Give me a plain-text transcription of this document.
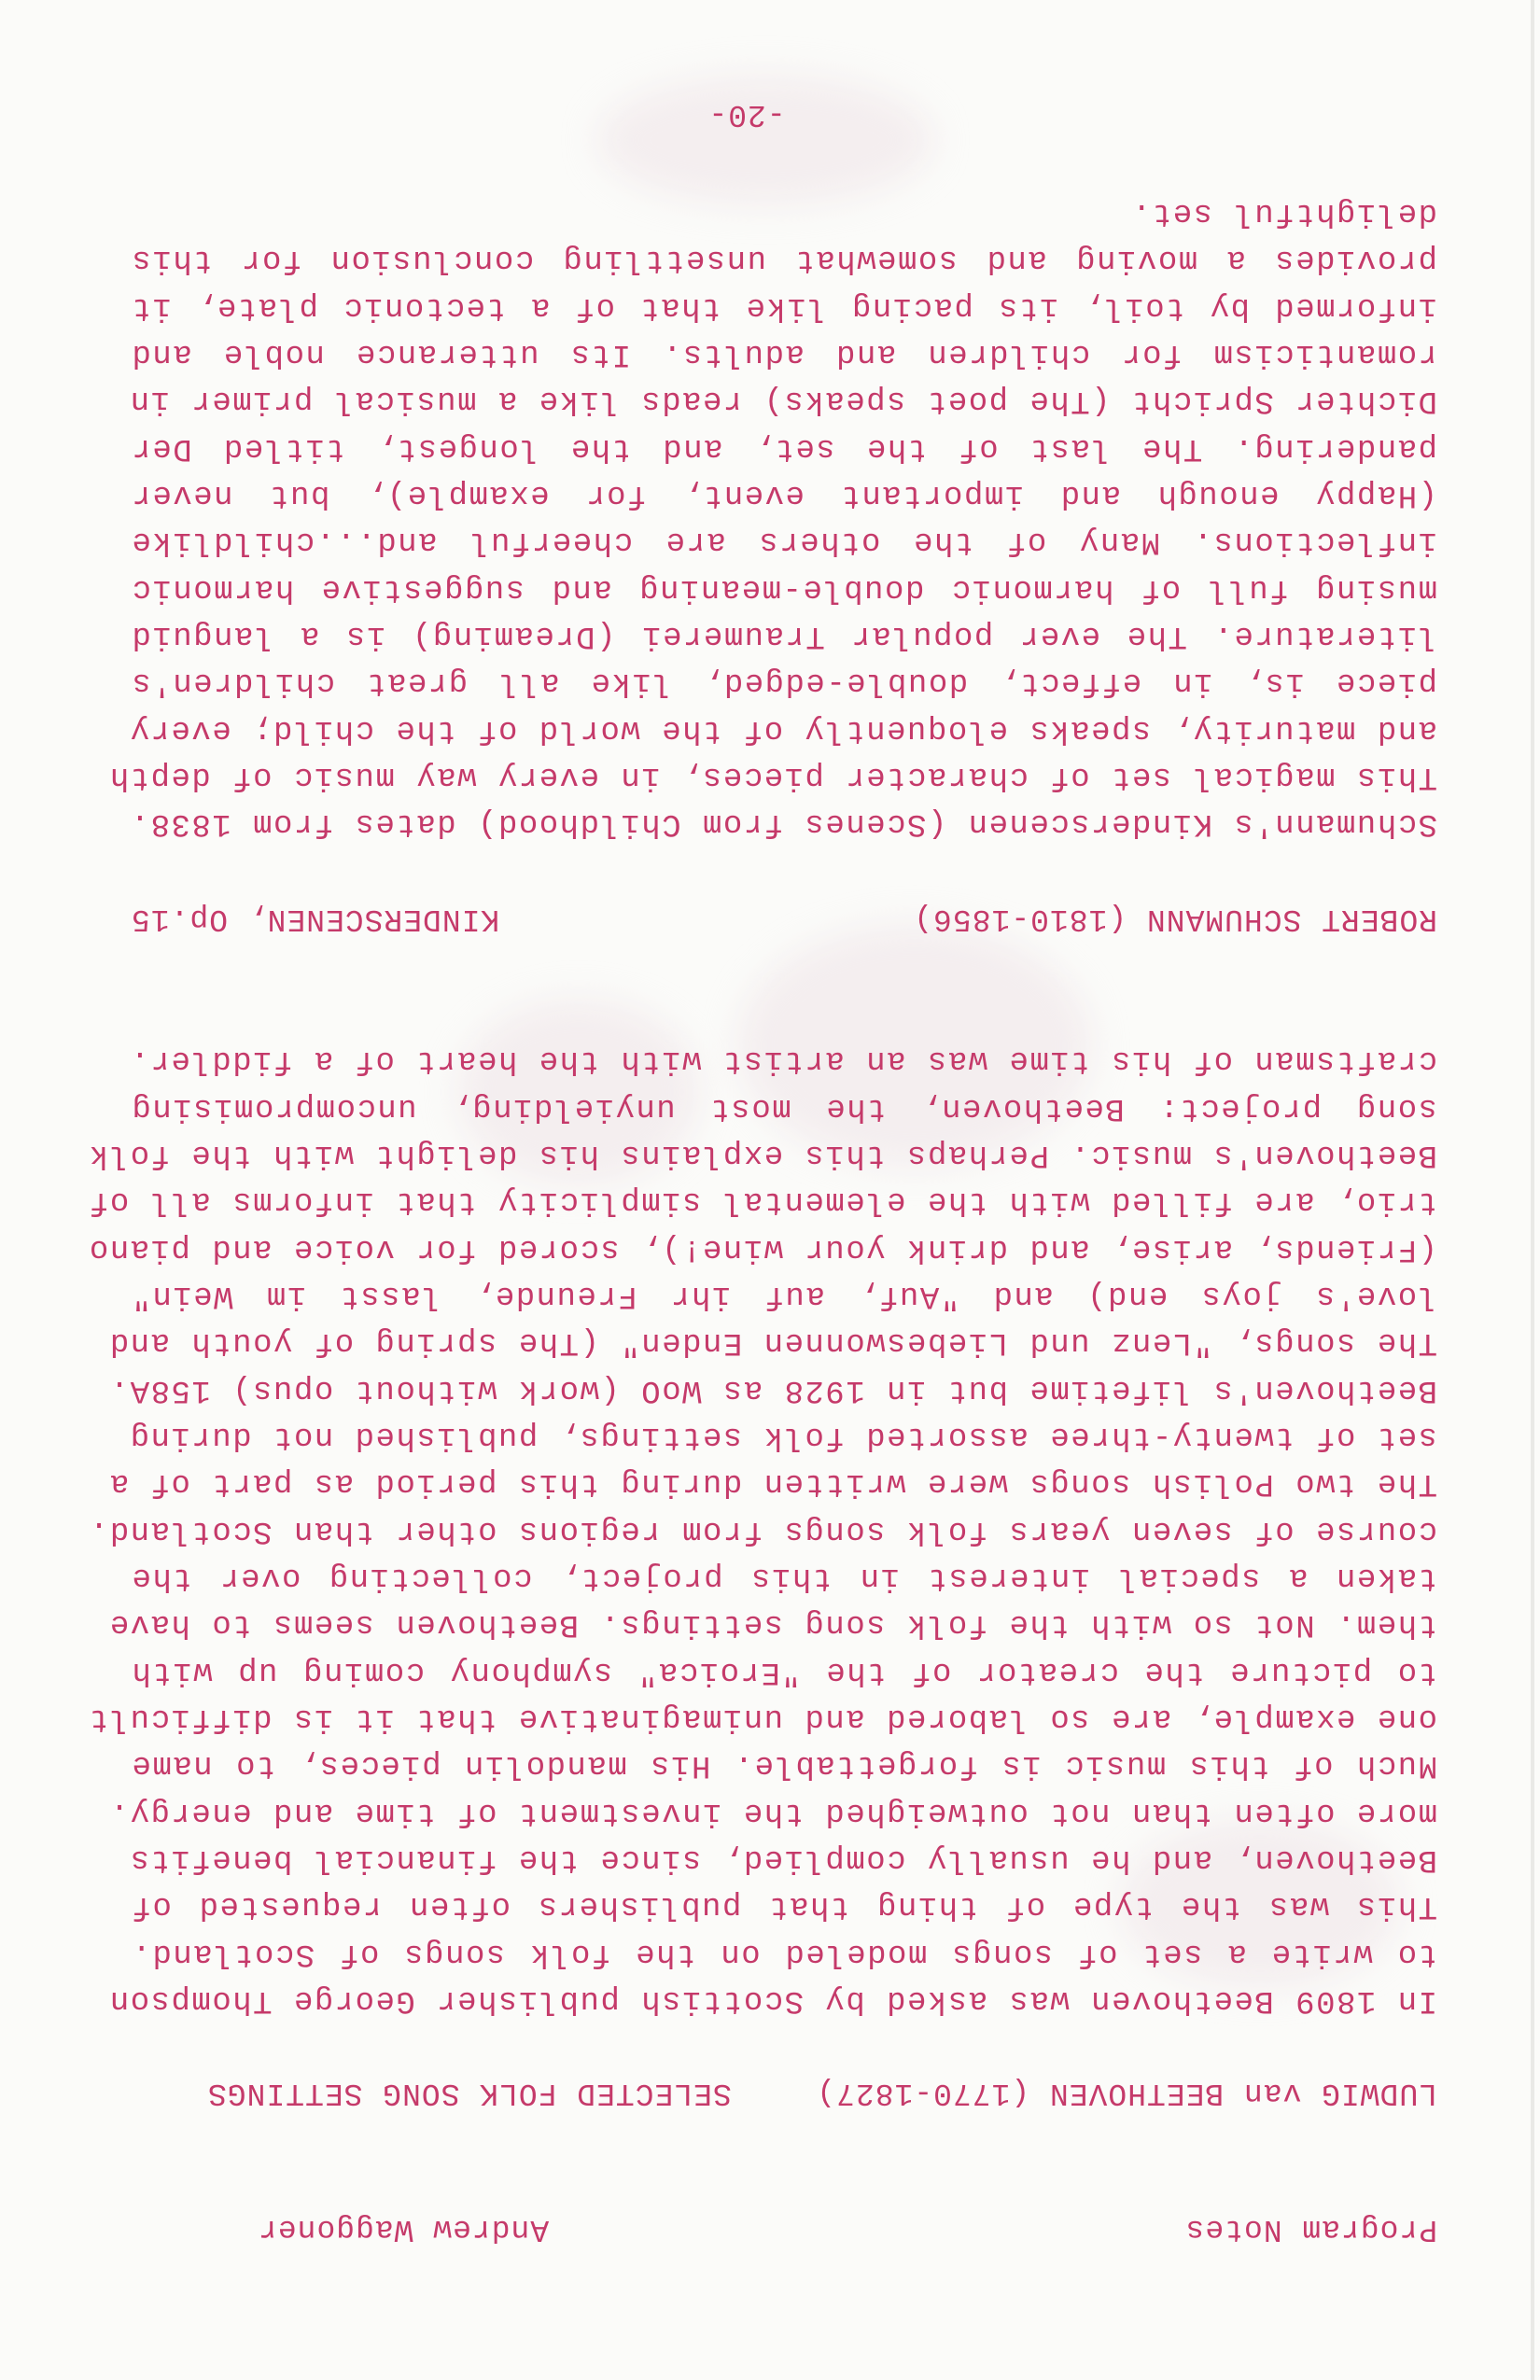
Program Notes
Andrew Waggoner
LUDWIG van BEETHOVEN (1770-1827)
SELECTED FOLK SONG SETTINGS
In 1809 Beethoven was asked by Scottish publisher George Thompson
to write a set of songs modeled on the folk songs of Scotland.
This was the type of thing that publishers often requested of
Beethoven, and he usually complied, since the financial benefits
more often than not outweighed the investment of time and energy.
Much of this music is forgettable. His mandolin pieces, to name
one example, are so labored and unimaginative that it is difficult
to picture the creator of the "Eroica" symphony coming up with
them. Not so with the folk song settings. Beethoven seems to have
taken a special interest in this project, collecting over the
course of seven years folk songs from regions other than Scotland.
The two Polish songs were written during this period as part of a
set of twenty-three assorted folk settings, published not during
Beethoven's lifetime but in 1928 as WoO (work without opus) 158A.
The songs, "Lenz und Liebeswonnen Enden" (The spring of youth and
love's joys end) and "Auf, auf ihr Freunde, lasst im Wein"
(Friends, arise, and drink your wine!), scored for voice and piano
trio, are filled with the elemental simplicity that informs all of
Beethoven's music. Perhaps this explains his delight with the folk
song project: Beethoven, the most unyielding, uncompromising
craftsman of his time was an artist with the heart of a fiddler.
ROBERT SCHUMANN (1810-1856)
KINDERSCENEN, Op.15
Schumann's Kinderscenen (Scenes from Childhood) dates from 1838.
This magical set of character pieces, in every way music of depth
and maturity, speaks eloquently of the world of the child; every
piece is, in effect, double-edged, like all great children's
literature. The ever popular Traumerei (Dreaming) is a languid
musing full of harmonic double-meaning and suggestive harmonic
inflections. Many of the others are cheerful and...childlike
(Happy enough and important event, for example), but never
pandering. The last of the set, and the longest, titled Der
Dichter Spricht (The poet speaks) reads like a musical primer in
romanticism for children and adults. Its utterance noble and
informed by toil, its pacing like that of a tectonic plate, it
provides a moving and somewhat unsettling conclusion for this
delightful set.
-20-
